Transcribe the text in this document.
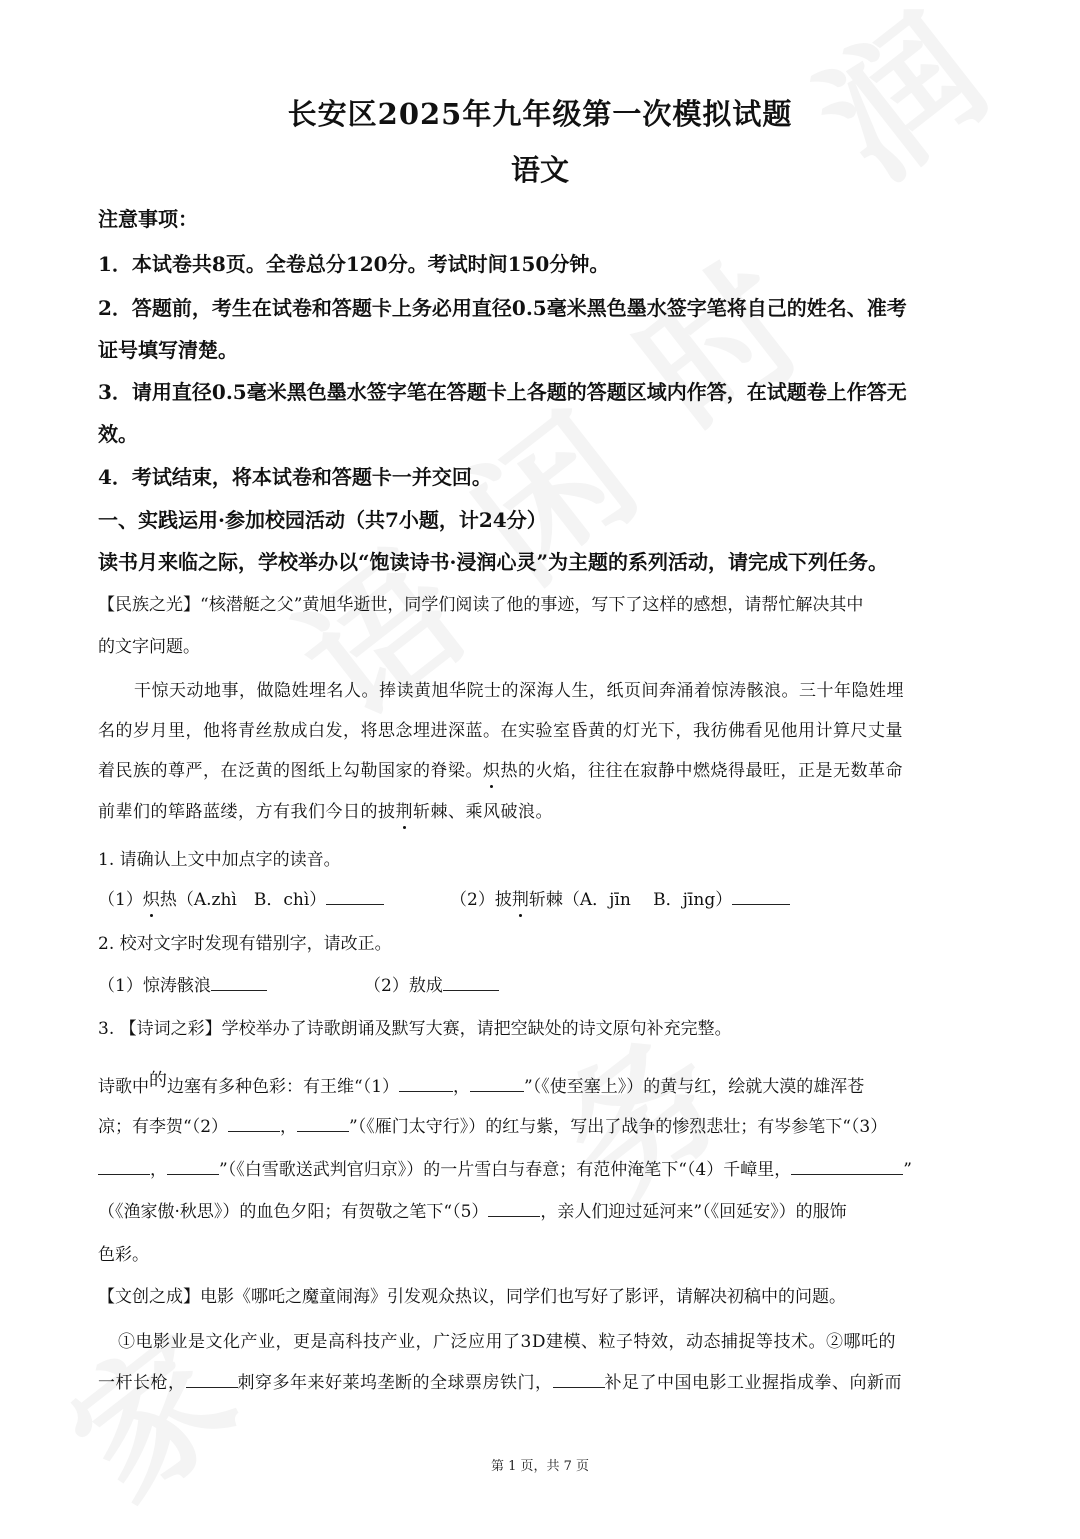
长安区2025年九年级第一次模拟试题
语文
注意事项：
1．本试卷共8页。全卷总分120分。考试时间150分钟。
2．答题前，考生在试卷和答题卡上务必用直径0.5毫米黑色墨水签字笔将自己的姓名、准考
证号填写清楚。
3．请用直径0.5毫米黑色墨水签字笔在答题卡上各题的答题区域内作答，在试题卷上作答无
效。
4．考试结束，将本试卷和答题卡一并交回。
一、实践运用·参加校园活动（共7小题，计24分）
读书月来临之际，学校举办以“饱读诗书·浸润心灵”为主题的系列活动，请完成下列任务。
【民族之光】“核潜艇之父”黄旭华逝世，同学们阅读了他的事迹，写下了这样的感想，请帮忙解决其中
的文字问题。
干惊天动地事，做隐姓埋名人。捧读黄旭华院士的深海人生，纸页间奔涌着惊涛骸浪。三十年隐姓埋
名的岁月里，他将青丝敖成白发，将思念埋进深蓝。在实验室昏黄的灯光下，我彷佛看见他用计算尺丈量
着民族的尊严，在泛黄的图纸上勾勒国家的脊梁。炽热的火焰，往往在寂静中燃烧得最旺，正是无数革命
前辈们的筚路蓝缕，方有我们今日的披荆斩棘、乘风破浪。
1. 请确认上文中加点字的读音。
（1）炽热（A.zhì　B．chì）	（2）披荆斩棘（A．jīn　 B．jīng）
2. 校对文字时发现有错别字，请改正。
（1）惊涛骸浪	（2）敖成
3. 【诗词之彩】学校举办了诗歌朗诵及默写大赛，请把空缺处的诗文原句补充完整。
诗歌中的边塞有多种色彩：有王维“（1）	，	”（《使至塞上》）的黄与红，绘就大漠的雄浑苍
凉；有李贺“（2）	，	”（《雁门太守行》）的红与紫，写出了战争的惨烈悲壮；有岑参笔下“（3）
，	”（《白雪歌送武判官归京》）的一片雪白与春意；有范仲淹笔下“（4）千嶂里，	”
（《渔家傲·秋思》）的血色夕阳；有贺敬之笔下“（5）	，亲人们迎过延河来”（《回延安》）的服饰
色彩。
【文创之成】电影《哪吒之魔童闹海》引发观众热议，同学们也写好了影评，请解决初稿中的问题。
①电影业是文化产业，更是高科技产业，广泛应用了3D建模、粒子特效，动态捕捉等技术。②哪吒的
一杆长枪，	刺穿多年来好莱坞垄断的全球票房铁门，	补足了中国电影工业握指成拳、向新而
第 1 页，共 7 页
